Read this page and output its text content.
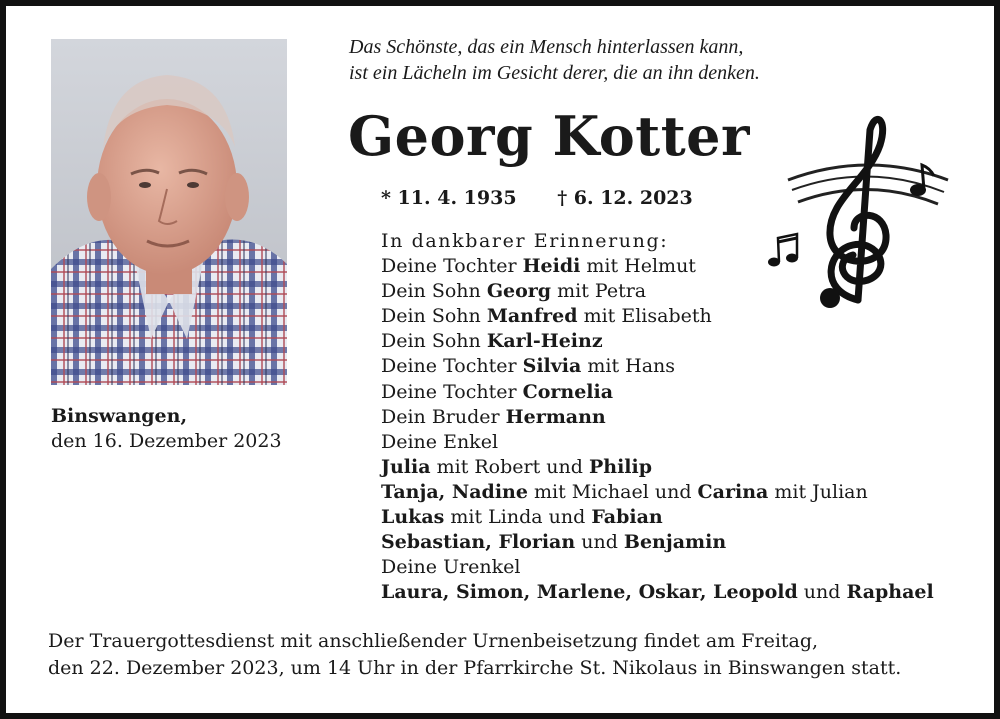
Binswangen,
den 16. Dezember 2023
Das Schönste, das ein Mensch hinterlassen kann,
ist ein Lächeln im Gesicht derer, die an ihn denken.
Georg Kotter
* 11. 4. 1935 † 6. 12. 2023
In dankbarer Erinnerung:
Deine Tochter Heidi mit Helmut
Dein Sohn Georg mit Petra
Dein Sohn Manfred mit Elisabeth
Dein Sohn Karl-Heinz
Deine Tochter Silvia mit Hans
Deine Tochter Cornelia
Dein Bruder Hermann
Deine Enkel
Julia mit Robert und Philip
Tanja, Nadine mit Michael und Carina mit Julian
Lukas mit Linda und Fabian
Sebastian, Florian und Benjamin
Deine Urenkel
Laura, Simon, Marlene, Oskar, Leopold und Raphael
Der Trauergottesdienst mit anschließender Urnenbeisetzung findet am Freitag,
den 22. Dezember 2023, um 14 Uhr in der Pfarrkirche St. Nikolaus in Binswangen statt.
